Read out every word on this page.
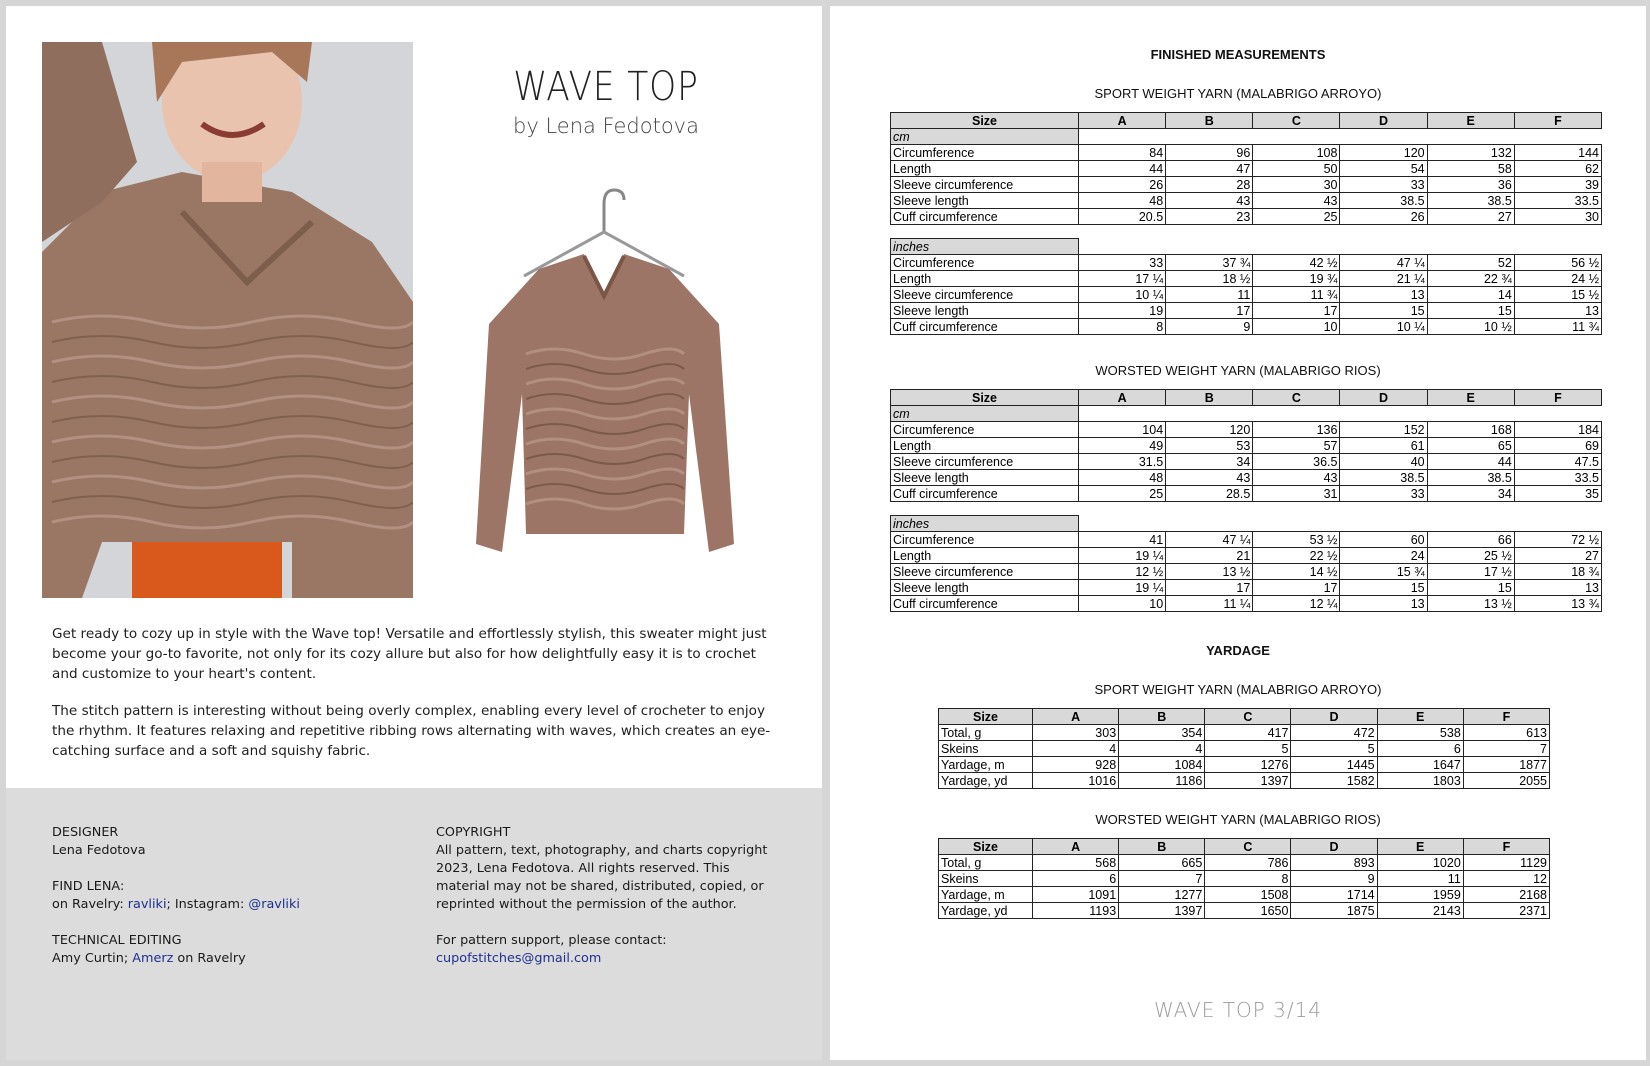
WAVE TOP
by Lena Fedotova

Get ready to cozy up in style with the Wave top! Versatile and effortlessly stylish, this sweater might just become your go-to favorite, not only for its cozy allure but also for how delightfully easy it is to crochet and customize to your heart's content.

The stitch pattern is interesting without being overly complex, enabling every level of crocheter to enjoy the rhythm. It features relaxing and repetitive ribbing rows alternating with waves, which creates an eye-catching surface and a soft and squishy fabric.

DESIGNER
Lena Fedotova
FIND LENA:
on Ravelry: ravliki; Instagram: @ravliki
TECHNICAL EDITING
Amy Curtin; Amerz on Ravelry
COPYRIGHT
All pattern, text, photography, and charts copyright 2023, Lena Fedotova. All rights reserved. This material may not be shared, distributed, copied, or reprinted without the permission of the author.
For pattern support, please contact:
cupofstitches@gmail.com
FINISHED MEASUREMENTS
SPORT WEIGHT YARN (MALABRIGO ARROYO)
Size	A	B	C	D	E	F
cm						
Circumference	84	96	108	120	132	144
Length	44	47	50	54	58	62
Sleeve circumference	26	28	30	33	36	39
Sleeve length	48	43	43	38.5	38.5	33.5
Cuff circumference	20.5	23	25	26	27	30

inches						
Circumference	33	37 ¾	42 ½	47 ¼	52	56 ½
Length	17 ¼	18 ½	19 ¾	21 ¼	22 ¾	24 ½
Sleeve circumference	10 ¼	11	11 ¾	13	14	15 ½
Sleeve length	19	17	17	15	15	13
Cuff circumference	8	9	10	10 ¼	10 ½	11 ¾
WORSTED WEIGHT YARN (MALABRIGO RIOS)
Size	A	B	C	D	E	F
cm						
Circumference	104	120	136	152	168	184
Length	49	53	57	61	65	69
Sleeve circumference	31.5	34	36.5	40	44	47.5
Sleeve length	48	43	43	38.5	38.5	33.5
Cuff circumference	25	28.5	31	33	34	35

inches						
Circumference	41	47 ¼	53 ½	60	66	72 ½
Length	19 ¼	21	22 ½	24	25 ½	27
Sleeve circumference	12 ½	13 ½	14 ½	15 ¾	17 ½	18 ¾
Sleeve length	19 ¼	17	17	15	15	13
Cuff circumference	10	11 ¼	12 ¼	13	13 ½	13 ¾
YARDAGE
SPORT WEIGHT YARN (MALABRIGO ARROYO)
Size	A	B	C	D	E	F
Total, g	303	354	417	472	538	613
Skeins	4	4	5	5	6	7
Yardage, m	928	1084	1276	1445	1647	1877
Yardage, yd	1016	1186	1397	1582	1803	2055
WORSTED WEIGHT YARN (MALABRIGO RIOS)
Size	A	B	C	D	E	F
Total, g	568	665	786	893	1020	1129
Skeins	6	7	8	9	11	12
Yardage, m	1091	1277	1508	1714	1959	2168
Yardage, yd	1193	1397	1650	1875	2143	2371
WAVE TOP 3/14
